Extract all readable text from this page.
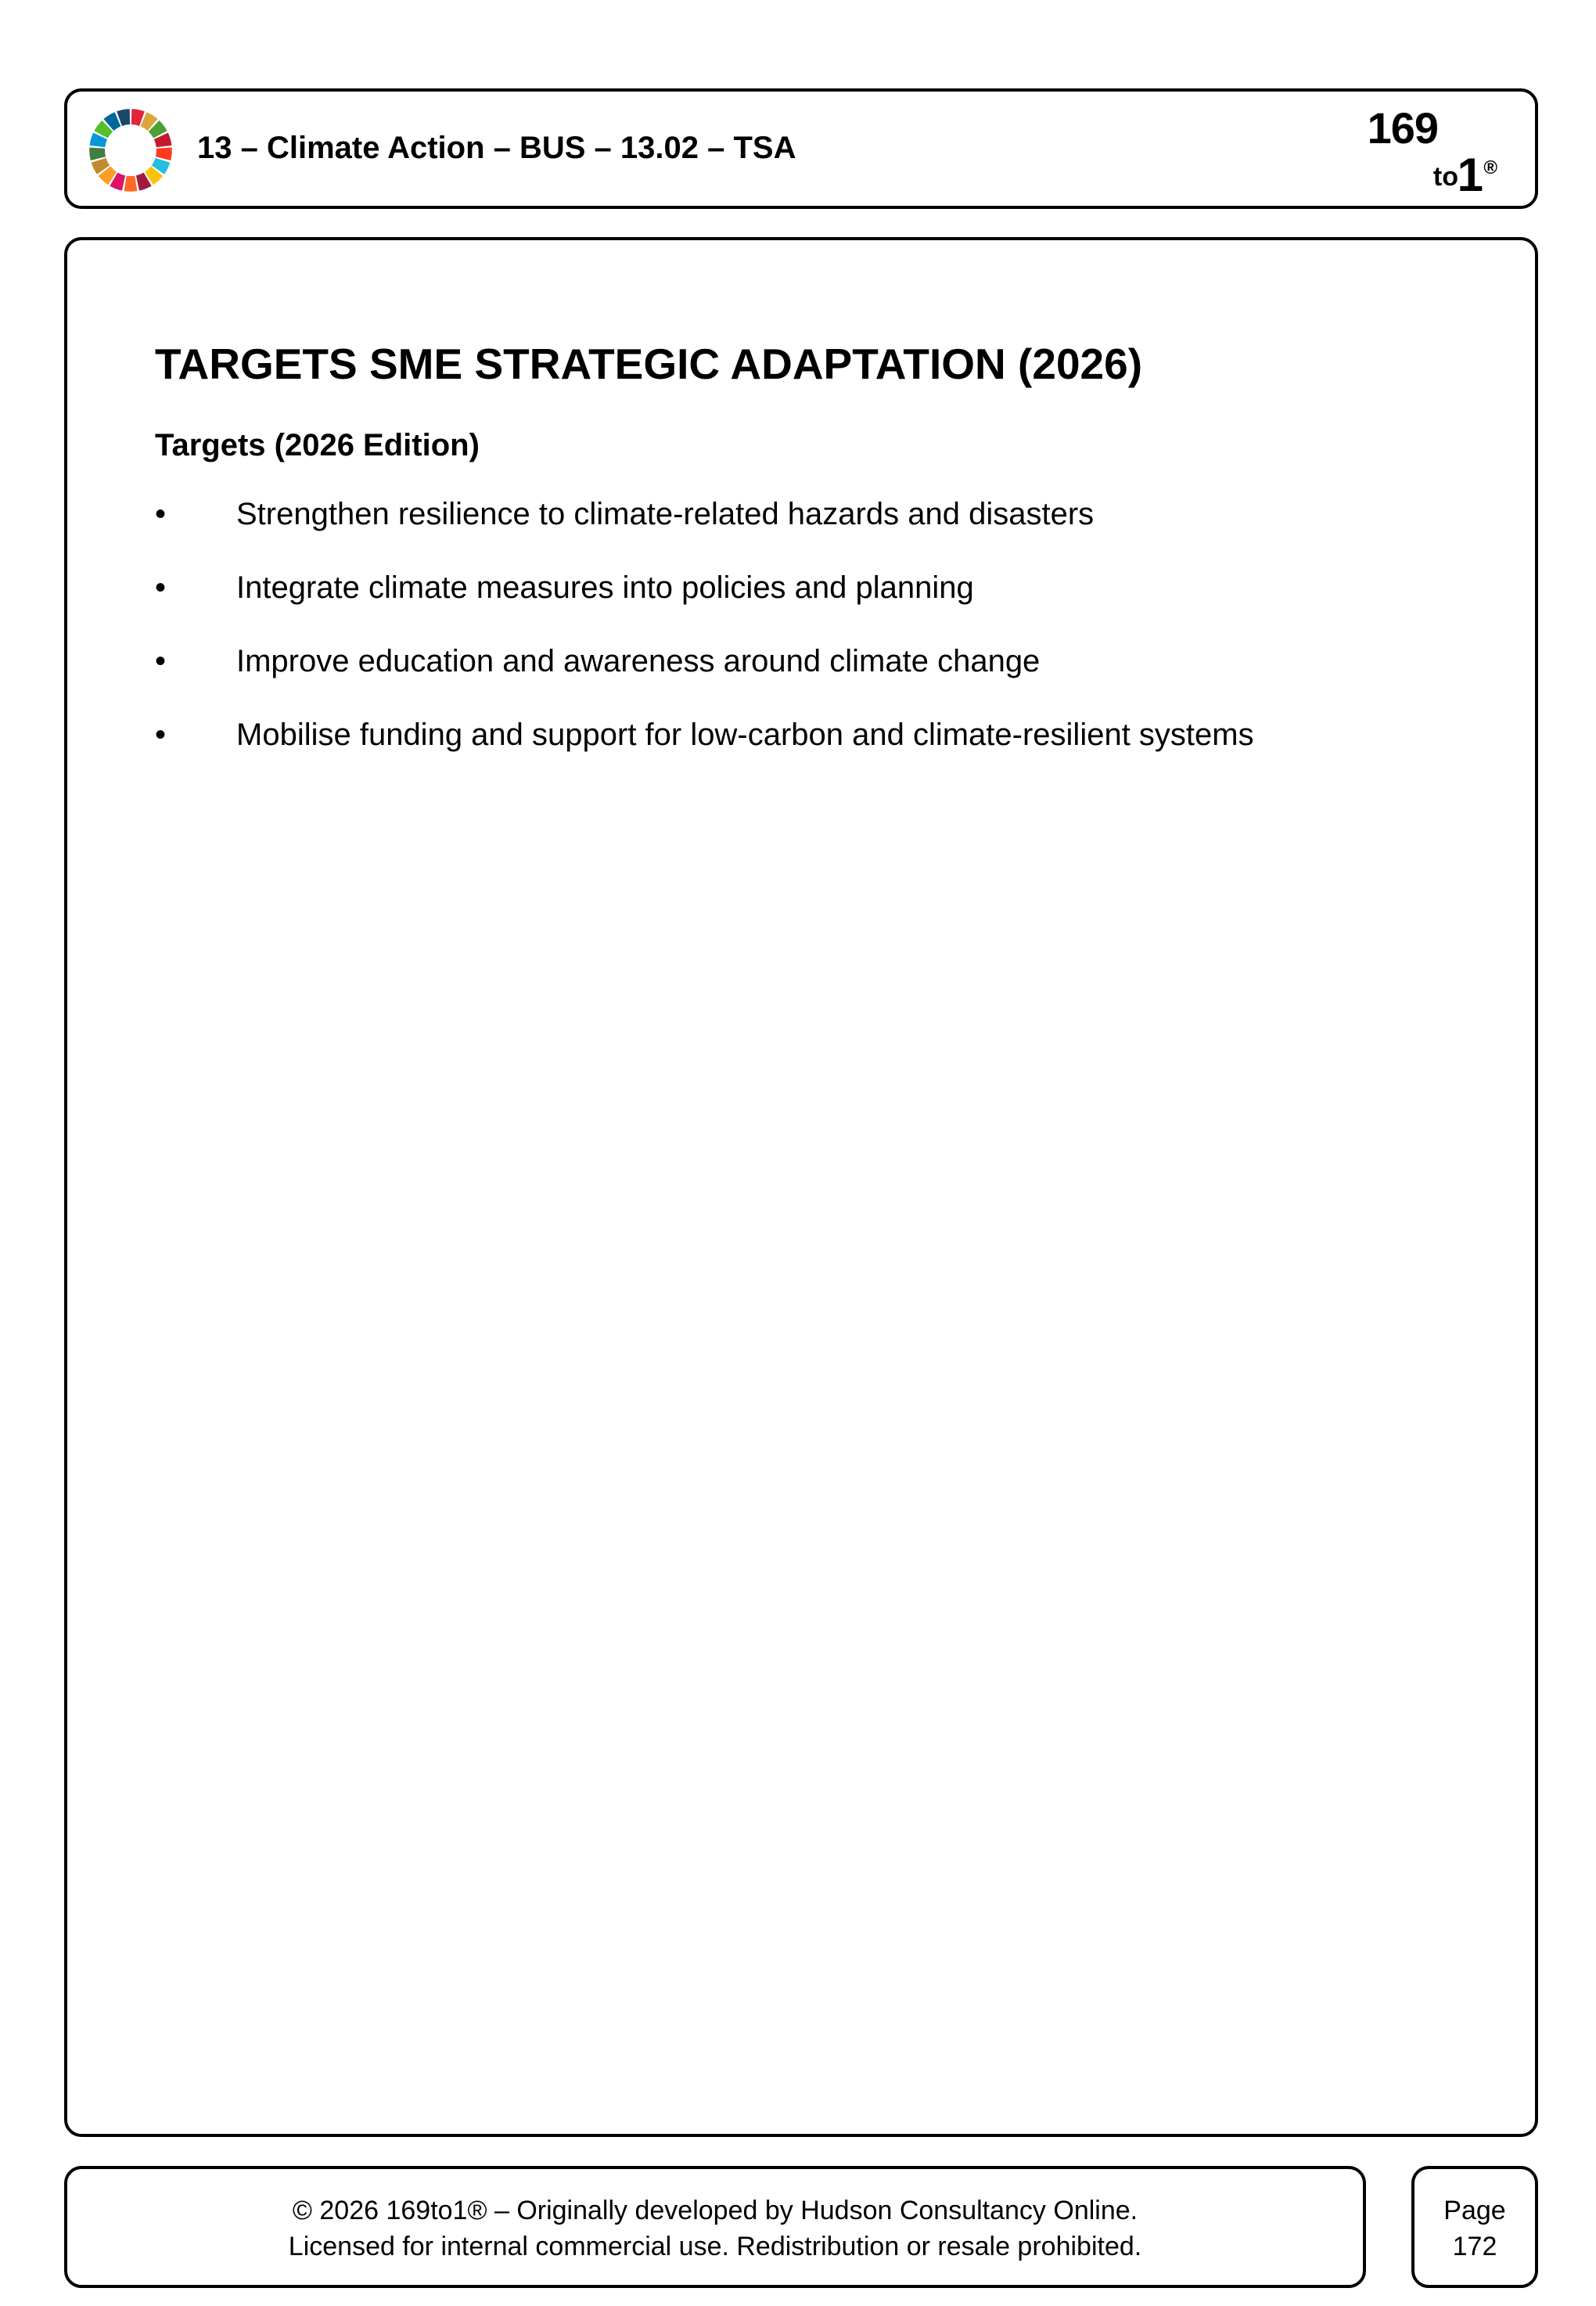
13 – Climate Action – BUS – 13.02 – TSA	169
to
1 ®
TARGETS SME STRATEGIC ADAPTATION (2026)
Targets (2026 Edition)
•	Strengthen resilience to climate-related hazards and disasters
•	Integrate climate measures into policies and planning
•	Improve education and awareness around climate change
•	Mobilise funding and support for low-carbon and climate-resilient systems
© 2026 169to1® – Originally developed by Hudson Consultancy Online.
Licensed for internal commercial use. Redistribution or resale prohibited.
Page
172
